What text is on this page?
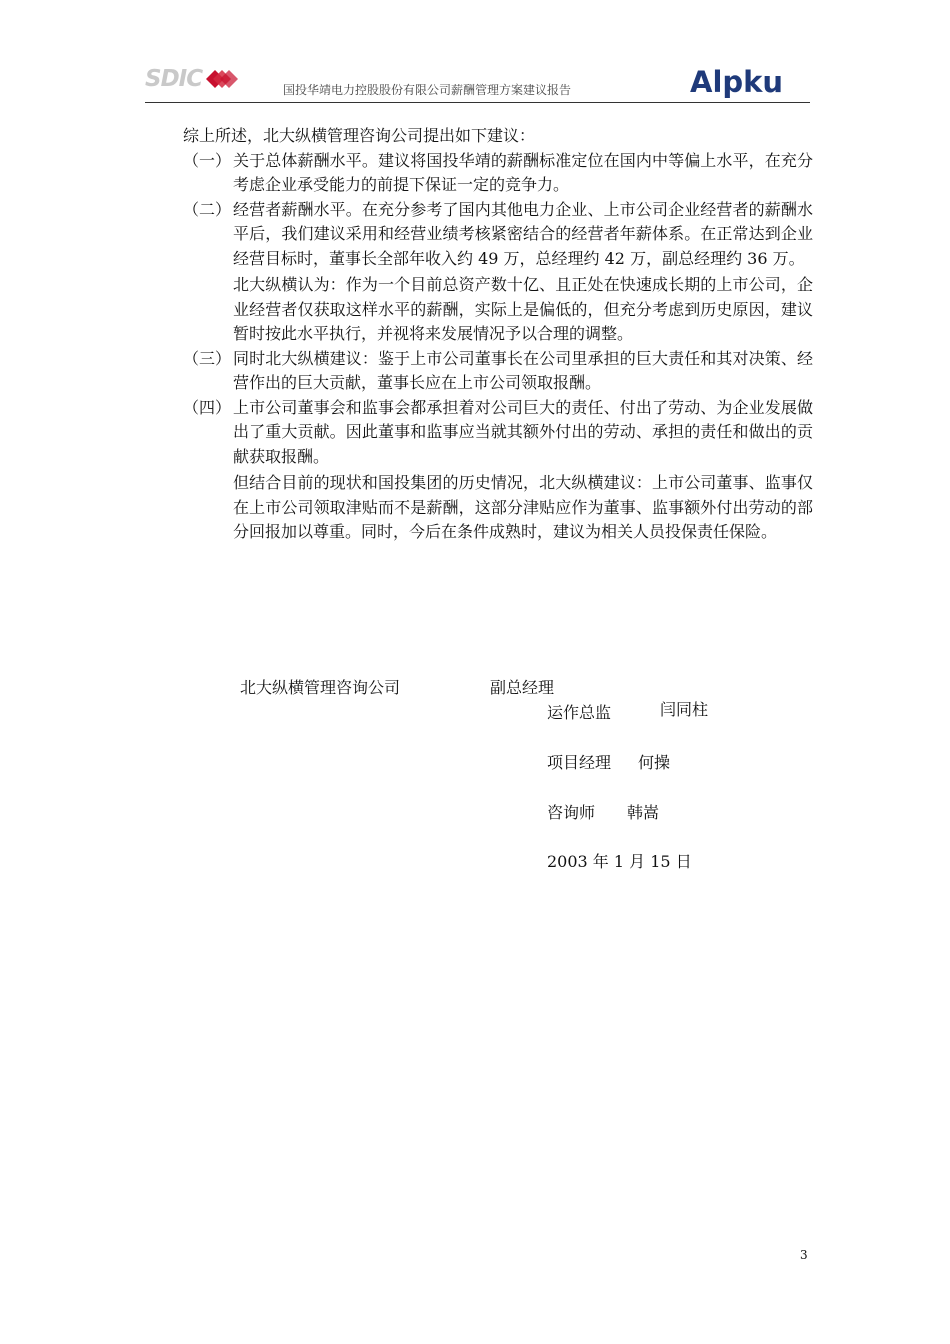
SDIC	国投华靖电力控股股份有限公司薪酬管理方案建议报告	Alpku

综上所述，北大纵横管理咨询公司提出如下建议：

（一） 关于总体薪酬水平。建议将国投华靖的薪酬标准定位在国内中等偏上水平，在充分考虑企业承受能力的前提下保证一定的竞争力。

（二） 经营者薪酬水平。在充分参考了国内其他电力企业、上市公司企业经营者的薪酬水平后，我们建议采用和经营业绩考核紧密结合的经营者年薪体系。在正常达到企业经营目标时，董事长全部年收入约 49 万，总经理约 42 万，副总经理约 36 万。

北大纵横认为：作为一个目前总资产数十亿、且正处在快速成长期的上市公司，企业经营者仅获取这样水平的薪酬，实际上是偏低的，但充分考虑到历史原因，建议暂时按此水平执行，并视将来发展情况予以合理的调整。

（三） 同时北大纵横建议：鉴于上市公司董事长在公司里承担的巨大责任和其对决策、经营作出的巨大贡献，董事长应在上市公司领取报酬。

（四） 上市公司董事会和监事会都承担着对公司巨大的责任、付出了劳动、为企业发展做出了重大贡献。因此董事和监事应当就其额外付出的劳动、承担的责任和做出的贡献获取报酬。

但结合目前的现状和国投集团的历史情况，北大纵横建议：上市公司董事、监事仅在上市公司领取津贴而不是薪酬，这部分津贴应作为董事、监事额外付出劳动的部分回报加以尊重。同时，今后在条件成熟时，建议为相关人员投保责任保险。

北大纵横管理咨询公司	副总经理
运作总监	闫同柱
项目经理 何操
咨询师 韩嵩
2003 年 1 月 15 日
3
